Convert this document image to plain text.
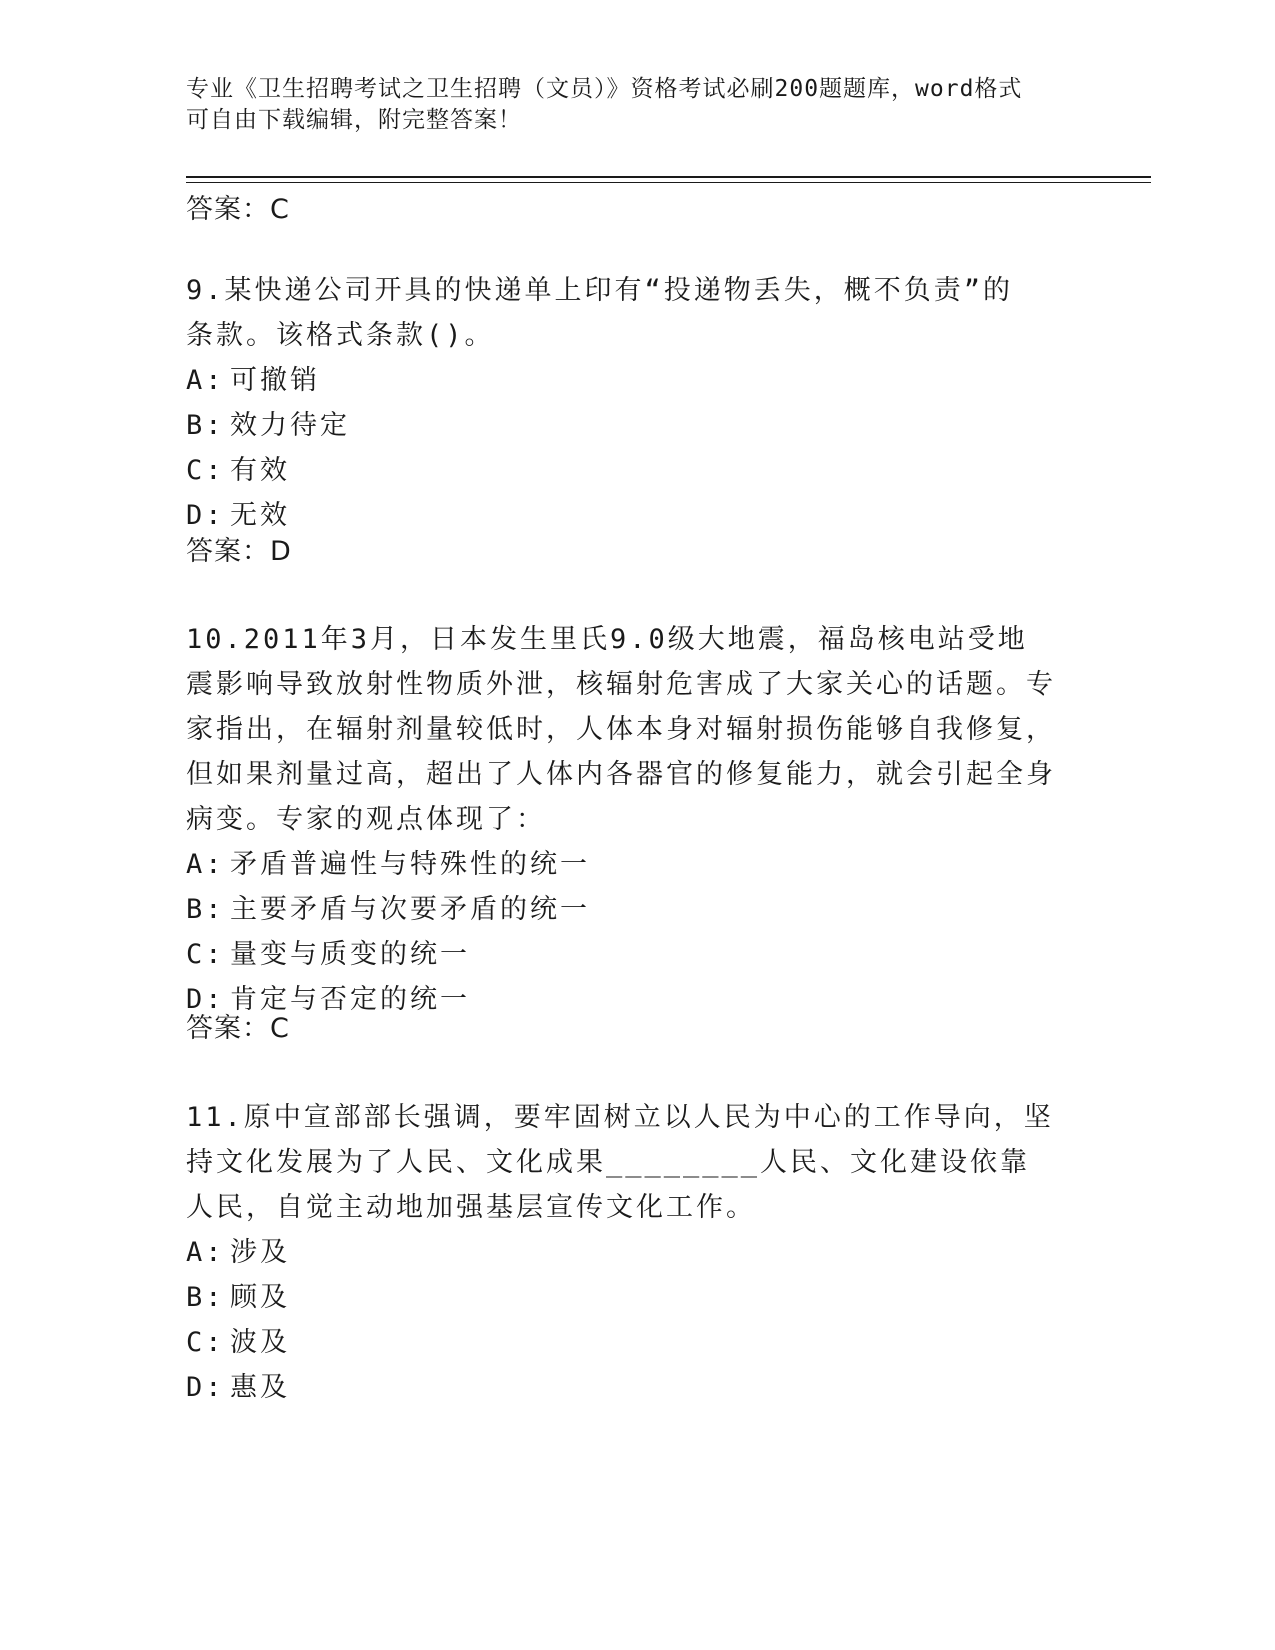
专业《卫生招聘考试之卫生招聘（文员）》资格考试必刷200题题库，word格式
可自由下载编辑，附完整答案！
答案：C

9.某快递公司开具的快递单上印有“投递物丢失，概不负责”的条款。该格式条款()。

A: 可撤销
B: 效力待定
C: 有效
D: 无效
答案：D

10.2011年3月，日本发生里氏9.0级大地震，福岛核电站受地震影响导致放射性物质外泄，核辐射危害成了大家关心的话题。专家指出，在辐射剂量较低时，人体本身对辐射损伤能够自我修复，但如果剂量过高，超出了人体内各器官的修复能力，就会引起全身病变。专家的观点体现了：

A: 矛盾普遍性与特殊性的统一
B: 主要矛盾与次要矛盾的统一
C: 量变与质变的统一
D: 肯定与否定的统一
答案：C

11.原中宣部部长强调，要牢固树立以人民为中心的工作导向，坚持文化发展为了人民、文化成果________人民、文化建设依靠人民，自觉主动地加强基层宣传文化工作。

A: 涉及
B: 顾及
C: 波及
D: 惠及
